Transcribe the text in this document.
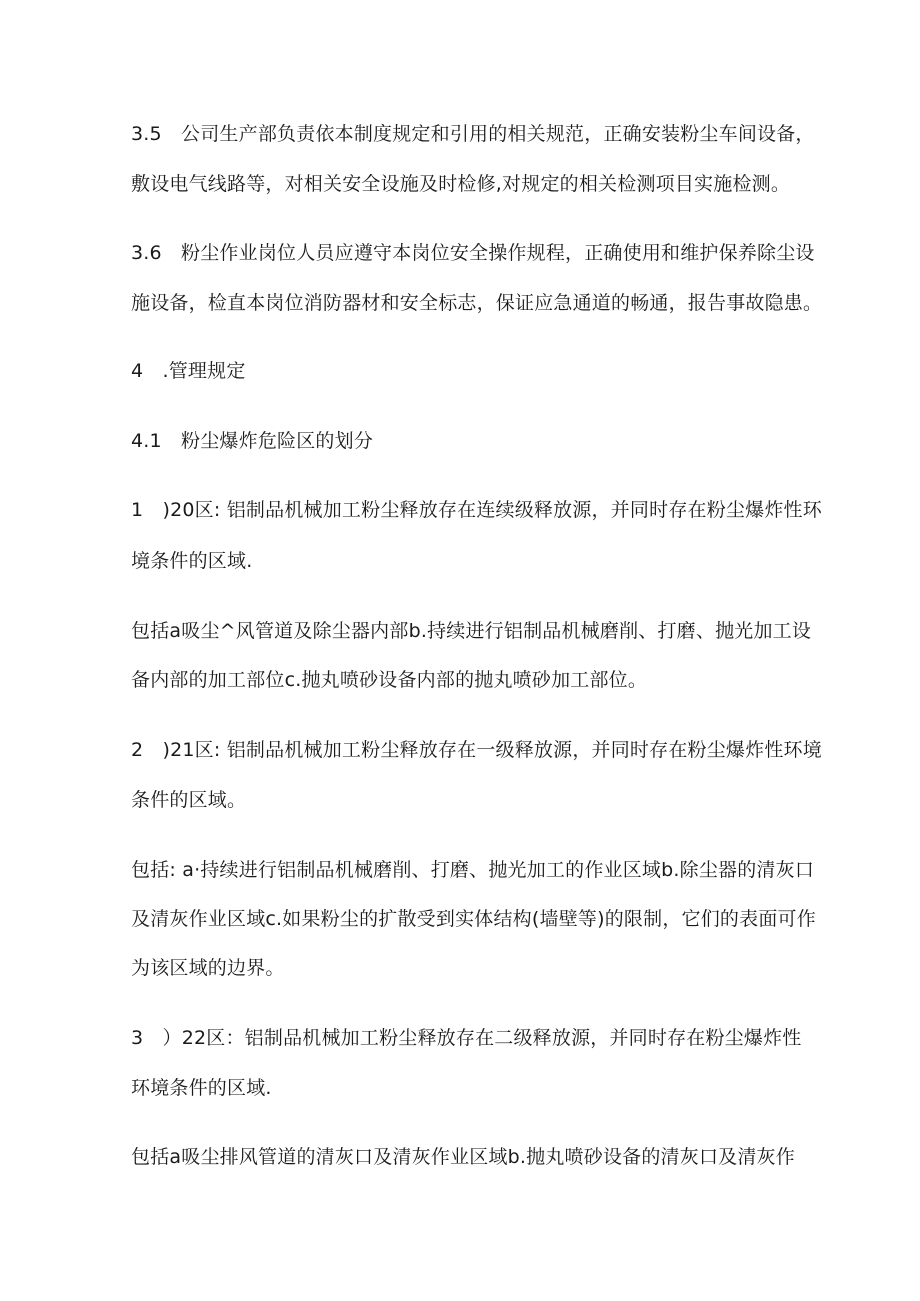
3.5　公司生产部负责依本制度规定和引用的相关规范，正确安装粉尘车间设备，
敷设电气线路等，对相关安全设施及时检修,对规定的相关检测项目实施检测。
3.6　粉尘作业岗位人员应遵守本岗位安全操作规程，正确使用和维护保养除尘设
施设备，检直本岗位消防器材和安全标志，保证应急通道的畅通，报告事故隐患。
4　.管理规定
4.1　粉尘爆炸危险区的划分
1　)20区: 铝制品机械加工粉尘释放存在连续级释放源，并同时存在粉尘爆炸性环
境条件的区域.
包括a吸尘^风管道及除尘器内部b.持续进行铝制品机械磨削、打磨、抛光加工设
备内部的加工部位c.抛丸喷砂设备内部的抛丸喷砂加工部位。
2　)21区: 铝制品机械加工粉尘释放存在一级释放源，并同时存在粉尘爆炸性环境
条件的区域。
包括: a·持续进行铝制品机械磨削、打磨、抛光加工的作业区域b.除尘器的清灰口
及清灰作业区域c.如果粉尘的扩散受到实体结构(墙壁等)的限制，它们的表面可作
为该区域的边界。
3　）22区：铝制品机械加工粉尘释放存在二级释放源，并同时存在粉尘爆炸性
环境条件的区域.
包括a吸尘排风管道的清灰口及清灰作业区域b.抛丸喷砂设备的清灰口及清灰作
